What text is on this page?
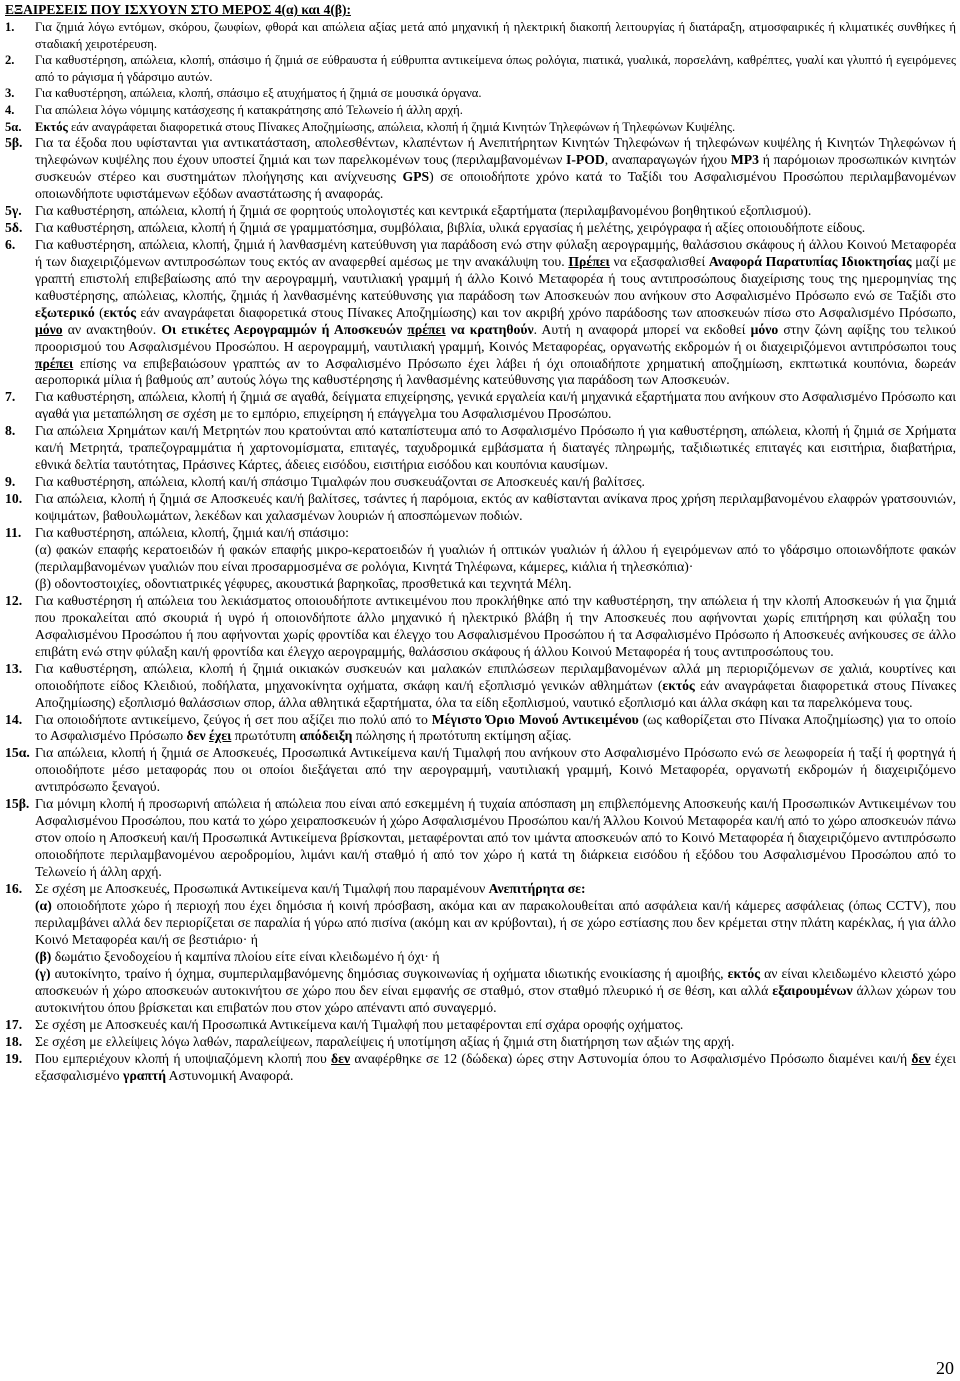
ΕΞΑΙΡΕΣΕΙΣ ΠΟΥ ΙΣΧΥΟΥΝ ΣΤΟ ΜΕΡΟΣ 4(α) και 4(β):
1.	Για ζημιά λόγω εντόμων, σκόρου, ζωυφίων, φθορά και απώλεια αξίας μετά από μηχανική ή ηλεκτρική διακοπή λειτουργίας ή διατάραξη, ατμοσφαιρικές ή κλιματικές συνθήκες ή σταδιακή χειροτέρευση.
2.	Για καθυστέρηση, απώλεια, κλοπή, σπάσιμο ή ζημιά σε εύθραυστα ή εύθρυπτα αντικείμενα όπως ρολόγια, πιατικά, γυαλικά, πορσελάνη, καθρέπτες, γυαλί και γλυπτό ή εγειρόμενες από το ράγισμα ή γδάρσιμο αυτών.
3.	Για καθυστέρηση, απώλεια, κλοπή, σπάσιμο εξ ατυχήματος ή ζημιά σε μουσικά όργανα.
4.	Για απώλεια λόγω νόμιμης κατάσχεσης ή κατακράτησης από Τελωνείο ή άλλη αρχή.
5α.	Εκτός εάν αναγράφεται διαφορετικά στους Πίνακες Αποζημίωσης, απώλεια, κλοπή ή ζημιά Κινητών Τηλεφώνων ή Τηλεφώνων Κυψέλης.
5β. Για τα έξοδα που υφίστανται για αντικατάσταση, απολεσθέντων, κλαπέντων ή Ανεπιτήρητων Κινητών Τηλεφώνων ή τηλεφώνων κυψέλης ή Κινητών Τηλεφώνων ή τηλεφώνων κυψέλης που έχουν υποστεί ζημιά και των παρελκομένων τους (περιλαμβανομένων I-POD, αναπαραγωγών ήχου MP3 ή παρόμοιων προσωπικών κινητών συσκευών στέρεο και συστημάτων πλοήγησης και ανίχνευσης GPS) σε οποιοδήποτε χρόνο κατά το Ταξίδι του Ασφαλισμένου Προσώπου περιλαμβανομένων οποιωνδήποτε υφιστάμενων εξόδων αναστάτωσης ή αναφοράς.
5γ. Για καθυστέρηση, απώλεια, κλοπή ή ζημιά σε φορητούς υπολογιστές και κεντρικά εξαρτήματα (περιλαμβανομένου βοηθητικού εξοπλισμού).
5δ. Για καθυστέρηση, απώλεια, κλοπή ή ζημιά σε γραμματόσημα, συμβόλαια, βιβλία, υλικά εργασίας ή μελέτης, χειρόγραφα ή αξίες οποιουδήποτε είδους.
6.	Για καθυστέρηση, απώλεια, κλοπή, ζημιά ή λανθασμένη κατεύθυνση για παράδοση ενώ στην φύλαξη αερογραμμής, θαλάσσιου σκάφους ή άλλου Κοινού Μεταφορέα ή των διαχειριζόμενων αντιπροσώπων τους εκτός αν αναφερθεί αμέσως με την ανακάλυψη του. Πρέπει να εξασφαλισθεί Αναφορά Παρατυπίας Ιδιοκτησίας μαζί με γραπτή επιστολή επιβεβαίωσης από την αερογραμμή, ναυτιλιακή γραμμή ή άλλο Κοινό Μεταφορέα ή τους αντιπροσώπους διαχείρισης τους της ημερομηνίας της καθυστέρησης, απώλειας, κλοπής, ζημιάς ή λανθασμένης κατεύθυνσης για παράδοση των Αποσκευών που ανήκουν στο Ασφαλισμένο Πρόσωπο ενώ σε Ταξίδι στο εξωτερικό (εκτός εάν αναγράφεται διαφορετικά στους Πίνακες Αποζημίωσης) και τον ακριβή χρόνο παράδοσης των αποσκευών πίσω στο Ασφαλισμένο Πρόσωπο, μόνο αν ανακτηθούν. Οι ετικέτες Αερογραμμών ή Αποσκευών πρέπει να κρατηθούν. Αυτή η αναφορά μπορεί να εκδοθεί μόνο στην ζώνη αφίξης του τελικού προορισμού του Ασφαλισμένου Προσώπου. Η αερογραμμή, ναυτιλιακή γραμμή, Κοινός Μεταφορέας, οργανωτής εκδρομών ή οι διαχειριζόμενοι αντιπρόσωποι τους πρέπει επίσης να επιβεβαιώσουν γραπτώς αν το Ασφαλισμένο Πρόσωπο έχει λάβει ή όχι οποιαδήποτε χρηματική αποζημίωση, εκπτωτικά κουπόνια, δωρεάν αεροπορικά μίλια ή βαθμούς απ’ αυτούς λόγω της καθυστέρησης ή λανθασμένης κατεύθυνσης για παράδοση των Αποσκευών.
7.	Για καθυστέρηση, απώλεια, κλοπή ή ζημιά σε αγαθά, δείγματα επιχείρησης, γενικά εργαλεία και/ή μηχανικά εξαρτήματα που ανήκουν στο Ασφαλισμένο Πρόσωπο και αγαθά για μεταπώληση σε σχέση με το εμπόριο, επιχείρηση ή επάγγελμα του Ασφαλισμένου Προσώπου.
8.	Για απώλεια Χρημάτων και/ή Μετρητών που κρατούνται από καταπίστευμα από το Ασφαλισμένο Πρόσωπο ή για καθυστέρηση, απώλεια, κλοπή ή ζημιά σε Χρήματα και/ή Μετρητά, τραπεζογραμμάτια ή χαρτονομίσματα, επιταγές, ταχυδρομικά εμβάσματα ή διαταγές πληρωμής, ταξιδιωτικές επιταγές και εισιτήρια, διαβατήρια, εθνικά δελτία ταυτότητας, Πράσινες Κάρτες, άδειες εισόδου, εισιτήρια εισόδου και κουπόνια καυσίμων.
9.	Για καθυστέρηση, απώλεια, κλοπή και/ή σπάσιμο Τιμαλφών που συσκευάζονται σε Αποσκευές και/ή βαλίτσες.
10. Για απώλεια, κλοπή ή ζημιά σε Αποσκευές και/ή βαλίτσες, τσάντες ή παρόμοια, εκτός αν καθίστανται ανίκανα προς χρήση περιλαμβανομένου ελαφρών γρατσουνιών, κοψιμάτων, βαθουλωμάτων, λεκέδων και χαλασμένων λουριών ή αποσπώμενων ποδιών.
11. Για καθυστέρηση, απώλεια, κλοπή, ζημιά και/ή σπάσιμο:
(α) φακών επαφής κερατοειδών ή φακών επαφής μικρο-κερατοειδών ή γυαλιών ή οπτικών γυαλιών ή άλλου ή εγειρόμενων από το γδάρσιμο οποιωνδήποτε φακών (περιλαμβανομένων γυαλιών που είναι προσαρμοσμένα σε ρολόγια, Κινητά Τηλέφωνα, κάμερες, κιάλια ή τηλεσκόπια)·
(β) οδοντοστοιχίες, οδοντιατρικές γέφυρες, ακουστικά βαρηκοΐας, προσθετικά και τεχνητά Μέλη.
12. Για καθυστέρηση ή απώλεια του λεκιάσματος οποιουδήποτε αντικειμένου που προκλήθηκε από την καθυστέρηση, την απώλεια ή την κλοπή Αποσκευών ή για ζημιά που προκαλείται από σκουριά ή υγρό ή οποιονδήποτε άλλο μηχανικό ή ηλεκτρικό βλάβη ή την Αποσκευές που αφήνονται χωρίς επιτήρηση και φύλαξη του Ασφαλισμένου Προσώπου ή που αφήνονται χωρίς φροντίδα και έλεγχο του Ασφαλισμένου Προσώπου ή τα Ασφαλισμένο Πρόσωπο ή Αποσκευές ανήκουσες σε άλλο επιβάτη ενώ στην φύλαξη και/ή φροντίδα και έλεγχο αερογραμμής, θαλάσσιου σκάφους ή άλλου Κοινού Μεταφορέα ή τους αντιπροσώπους του.
13. Για καθυστέρηση, απώλεια, κλοπή ή ζημιά οικιακών συσκευών και μαλακών επιπλώσεων περιλαμβανομένων αλλά μη περιοριζόμενων σε χαλιά, κουρτίνες και οποιοδήποτε είδος Κλειδιού, ποδήλατα, μηχανοκίνητα οχήματα, σκάφη και/ή εξοπλισμό γενικών αθλημάτων (εκτός εάν αναγράφεται διαφορετικά στους Πίνακες Αποζημίωσης) εξοπλισμό θαλάσσιων σπορ, άλλα αθλητικά εξαρτήματα, όλα τα είδη εξοπλισμού, ναυτικό εξοπλισμό και άλλα σκάφη και τα παρελκόμενα τους.
14. Για οποιοδήποτε αντικείμενο, ζεύγος ή σετ που αξίζει πιο πολύ από το Μέγιστο Όριο Μονού Αντικειμένου (ως καθορίζεται στο Πίνακα Αποζημίωσης) για το οποίο το Ασφαλισμένο Πρόσωπο δεν έχει πρωτότυπη απόδειξη πώλησης ή πρωτότυπη εκτίμηση αξίας.
15α. Για απώλεια, κλοπή ή ζημιά σε Αποσκευές, Προσωπικά Αντικείμενα και/ή Τιμαλφή που ανήκουν στο Ασφαλισμένο Πρόσωπο ενώ σε λεωφορεία ή ταξί ή φορτηγά ή οποιοδήποτε μέσο μεταφοράς που οι οποίοι διεξάγεται από την αερογραμμή, ναυτιλιακή γραμμή, Κοινό Μεταφορέα, οργανωτή εκδρομών ή διαχειριζόμενο αντιπρόσωπο ξεναγού.
15β. Για μόνιμη κλοπή ή προσωρινή απώλεια ή απώλεια που είναι από εσκεμμένη ή τυχαία απόσπαση μη επιβλεπόμενης Αποσκευής και/ή Προσωπικών Αντικειμένων του Ασφαλισμένου Προσώπου, που κατά το χώρο χειραποσκευών ή χώρο Ασφαλισμένου Προσώπου και/ή Άλλου Κοινού Μεταφορέα και/ή από το χώρο αποσκευών πάνω στον οποίο η Αποσκευή και/ή Προσωπικά Αντικείμενα βρίσκονται, μεταφέρονται από τον ιμάντα αποσκευών από το Κοινό Μεταφορέα ή διαχειριζόμενο αντιπρόσωπο οποιοδήποτε περιλαμβανομένου αεροδρομίου, λιμάνι και/ή σταθμό ή από τον χώρο ή κατά τη διάρκεια εισόδου ή εξόδου του Ασφαλισμένου Προσώπου από το Τελωνείο ή άλλη αρχή.
16. Σε σχέση με Αποσκευές, Προσωπικά Αντικείμενα και/ή Τιμαλφή που παραμένουν Ανεπιτήρητα σε:
(α) οποιοδήποτε χώρο ή περιοχή που έχει δημόσια ή κοινή πρόσβαση, ακόμα και αν παρακολουθείται από ασφάλεια και/ή κάμερες ασφάλειας (όπως CCTV), που περιλαμβάνει αλλά δεν περιορίζεται σε παραλία ή γύρω από πισίνα (ακόμη και αν κρύβονται), ή σε χώρο εστίασης που δεν κρέμεται στην πλάτη καρέκλας, ή για άλλο Κοινό Μεταφορέα και/ή σε βεστιάριο· ή
(β) δωμάτιο ξενοδοχείου ή καμπίνα πλοίου είτε είναι κλειδωμένο ή όχι· ή
(γ) αυτοκίνητο, τραίνο ή όχημα, συμπεριλαμβανόμενης δημόσιας συγκοινωνίας ή οχήματα ιδιωτικής ενοικίασης ή αμοιβής, εκτός αν είναι κλειδωμένο κλειστό χώρο αποσκευών ή χώρο αποσκευών αυτοκινήτου σε χώρο που δεν είναι εμφανής σε σταθμό, στον σταθμό πλευρικό ή σε θέση, και αλλά εξαιρουμένων άλλων χώρων του αυτοκινήτου όπου βρίσκεται και επιβατών που στον χώρο απέναντι από συναγερμό.
17. Σε σχέση με Αποσκευές και/ή Προσωπικά Αντικείμενα και/ή Τιμαλφή που μεταφέρονται επί σχάρα οροφής οχήματος.
18. Σε σχέση με ελλείψεις λόγω λαθών, παραλείψεων, παραλείψεις ή υποτίμηση αξίας ή ζημιά στη διατήρηση των αξιών της αρχή.
19. Που εμπεριέχουν κλοπή ή υποψιαζόμενη κλοπή που δεν αναφέρθηκε σε 12 (δώδεκα) ώρες στην Αστυνομία όπου το Ασφαλισμένο Πρόσωπο διαμένει και/ή δεν έχει εξασφαλισμένο γραπτή Αστυνομική Αναφορά.
20
